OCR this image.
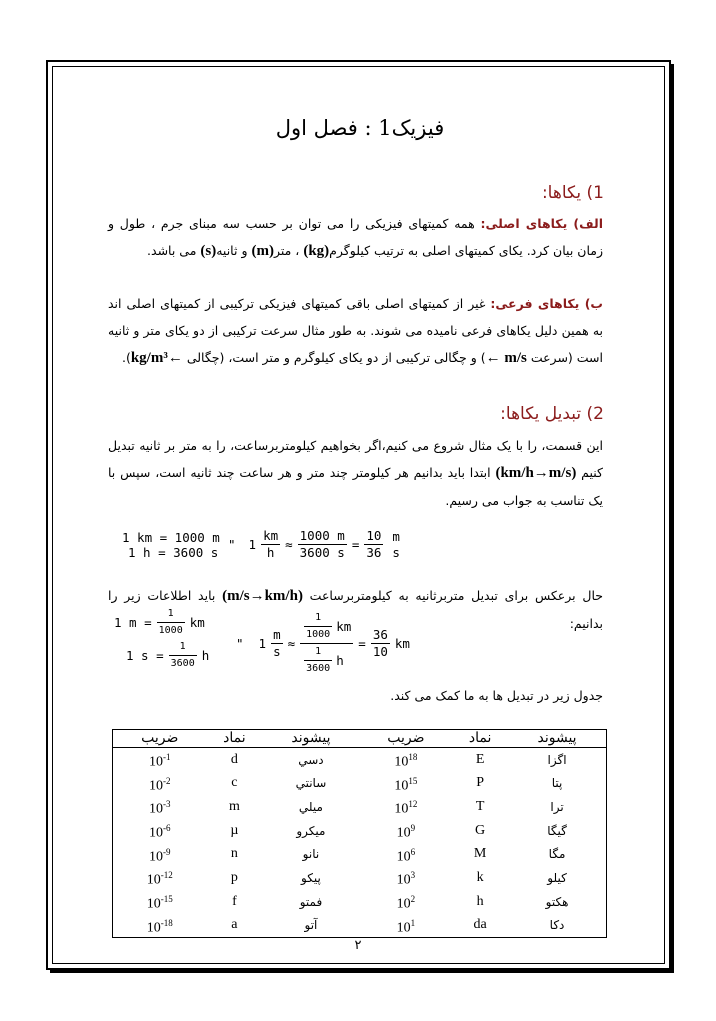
فیزیک1 : فصل اول
1) یکاها:
الف) یکاهای اصلی: همه کمیتهای فیزیکی را می توان بر حسب سه مبنای جرم ، طول و زمان بیان کرد. یکای کمیتهای اصلی به ترتیب کیلوگرم(kg) ، متر(m) و ثانیه(s) می باشد.
ب) یکاهای فرعی: غیر از کمیتهای اصلی باقی کمیتهای فیزیکی ترکیبی از کمیتهای اصلی اند به همین دلیل یکاهای فرعی نامیده می شوند. به طور مثال سرعت ترکیبی از دو یکای متر و ثانیه است (سرعت m/s ←) و چگالی ترکیبی از دو یکای کیلوگرم و متر است، (چگالی ←kg/m³).
2) تبدیل یکاها:
این قسمت، را با یک مثال شروع می کنیم،اگر بخواهیم کیلومتربرساعت، را به متر بر ثانیه تبدیل کنیم (km/h→m/s) ابتدا باید بدانیم هر کیلومتر چند متر و هر ساعت چند ثانیه است، سپس با یک تناسب به جواب می رسیم.
1 km = 1000 m
1 h = 3600 s
" $1 \frac{km}{h} \approx \frac{1000 m}{3600 s} = \frac{10}{36}$ m
s
حال برعکس برای تبدیل متربرثانیه به کیلومتربرساعت (m/s→km/h) باید اطلاعات زیر را بدانیم:
1 $m = \frac{1}{1000}$ km
1 $s = \frac{1}{3600}$ h
" $1 \frac{m}{s} \approx \frac{\frac{1}{1000} km}{\frac{1}{3600} h} = \frac{36}{10}$ km
جدول زیر در تبدیل ها به ما کمک می کند.
پیشوند	نماد	ضریب	پیشوند	نماد	ضریب
اگزا	E	$10^{18}$	دسي	d	$10^{-1}$
پتا	P	$10^{15}$	سانتي	c	$10^{-2}$
ترا	T	$10^{12}$	ميلي	m	$10^{-3}$
گیگا	G	$10^9$	ميكرو	µ	$10^{-6}$
مگا	M	$10^6$	نانو	n	$10^{-9}$
كیلو	k	$10^3$	پيكو	p	$10^{-12}$
هكتو	h	$10^2$	فمتو	f	$10^{-15}$
دكا	da	$10^1$	آتو	a	$10^{-18}$
۲
